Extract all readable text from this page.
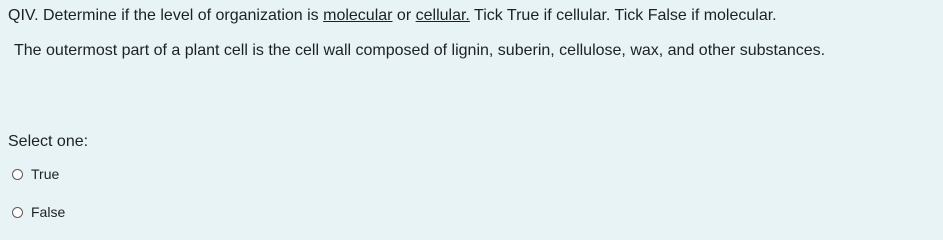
QIV. Determine if the level of organization is molecular or cellular. Tick True if cellular. Tick False if molecular.
The outermost part of a plant cell is the cell wall composed of lignin, suberin, cellulose, wax, and other substances.
Select one:
True
False
